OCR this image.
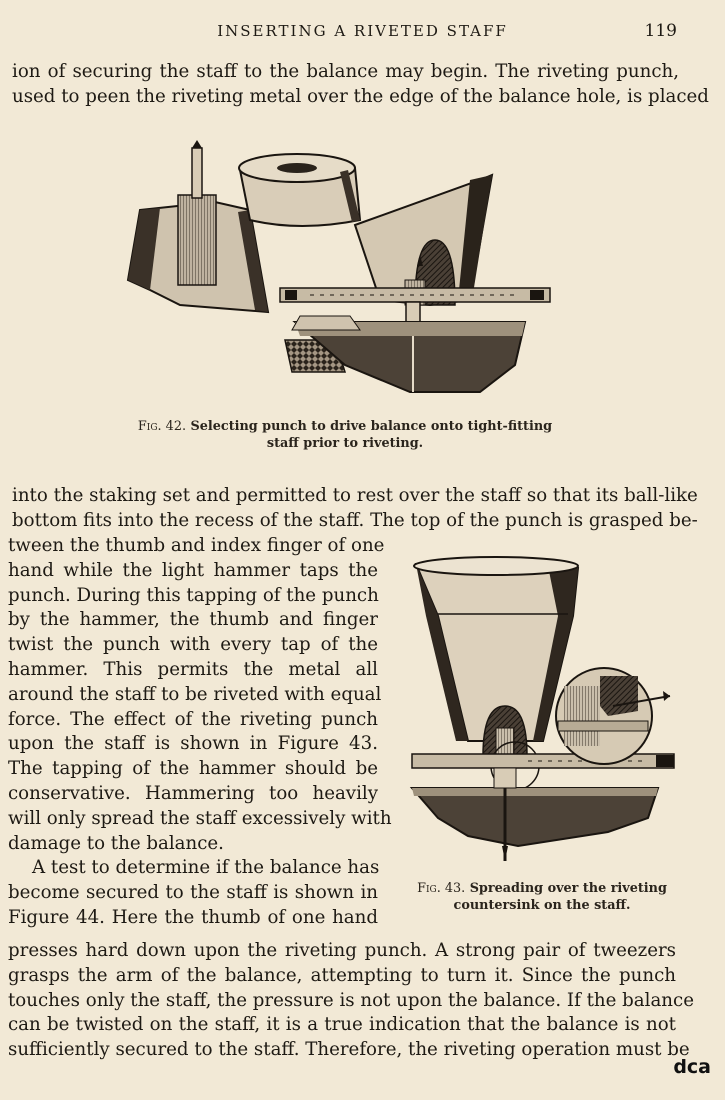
INSERTING A RIVETED STAFF	119
ion of securing the staff to the balance may begin. The riveting punch,
used to peen the riveting metal over the edge of the balance hole, is placed
Fig. 42. Selecting punch to drive balance onto tight-fitting
staff prior to riveting.
into the staking set and permitted to rest over the staff so that its ball-like
bottom fits into the recess of the staff. The top of the punch is grasped be-
tween the thumb and index finger of one
hand while the light hammer taps the
punch. During this tapping of the punch
by the hammer, the thumb and finger
twist the punch with every tap of the
hammer. This permits the metal all
around the staff to be riveted with equal
force. The effect of the riveting punch
upon the staff is shown in Figure 43.
The tapping of the hammer should be
conservative. Hammering too heavily
will only spread the staff excessively with
damage to the balance.
A test to determine if the balance has
become secured to the staff is shown in
Figure 44. Here the thumb of one hand
Fig. 43. Spreading over the riveting
countersink on the staff.
presses hard down upon the riveting punch. A strong pair of tweezers
grasps the arm of the balance, attempting to turn it. Since the punch
touches only the staff, the pressure is not upon the balance. If the balance
can be twisted on the staff, it is a true indication that the balance is not
sufficiently secured to the staff. Therefore, the riveting operation must be
dca
